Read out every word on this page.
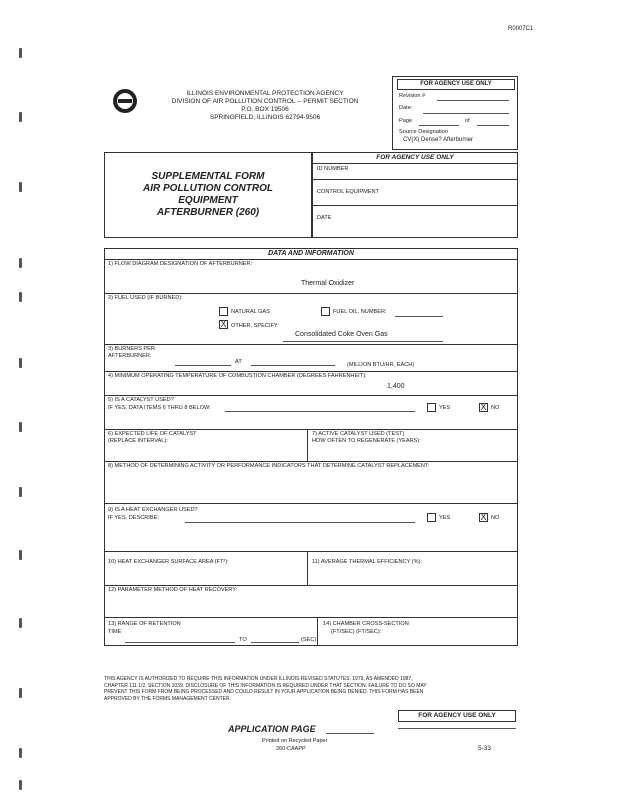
R0007C1
ILLINOIS ENVIRONMENTAL PROTECTION AGENCY
DIVISION OF AIR POLLUTION CONTROL -- PERMIT SECTION
P.O. BOX 19506
SPRINGFIELD, ILLINOIS 62794-9506
FOR AGENCY USE ONLY
Revision #
Date:
Page	of
Source Designation
CV(X) Dense? Afterburner
SUPPLEMENTAL FORM
AIR POLLUTION CONTROL
EQUIPMENT
AFTERBURNER (260)
FOR AGENCY USE ONLY
ID NUMBER
CONTROL EQUIPMENT
DATE
DATA AND INFORMATION
1) FLOW DIAGRAM DESIGNATION OF AFTERBURNER:
Thermal Oxidizer
2) FUEL USED (IF BURNED):
NATURAL GAS	FUEL OIL, NUMBER:
X OTHER, SPECIFY:
Consolidated Coke Oven Gas
3) BURNERS PER
AFTERBURNER:
AT	(MILLION BTU/HR, EACH)
4) MINIMUM OPERATING TEMPERATURE OF COMBUSTION CHAMBER (DEGREES FAHRENHEIT):
1,400
5) IS A CATALYST USED?
IF YES, DATA ITEMS 6 THRU 8 BELOW:	YES	X NO
6) EXPECTED LIFE OF CATALYST
(REPLACE INTERVAL):
7) ACTIVE CATALYST USED (TEST)
HOW OFTEN TO REGENERATE (YEARS):
8) METHOD OF DETERMINING ACTIVITY OR PERFORMANCE INDICATORS THAT DETERMINE CATALYST REPLACEMENT:
9) IS A HEAT EXCHANGER USED?
IF YES, DESCRIBE:	YES	X NO
10) HEAT EXCHANGER SURFACE AREA (FT²):	11) AVERAGE THERMAL EFFICIENCY (%):
12) PARAMETER METHOD OF HEAT RECOVERY:
13) RANGE OF RETENTION
TIME
TO	(SEC)
14) CHAMBER CROSS-SECTION
(FT/SEC) (FT/SEC):
THIS AGENCY IS AUTHORIZED TO REQUIRE THIS INFORMATION UNDER ILLINOIS REVISED STATUTES, 1979, AS AMENDED 1987,
CHAPTER 111 1/2, SECTION 1039. DISCLOSURE OF THIS INFORMATION IS REQUIRED UNDER THAT SECTION. FAILURE TO DO SO MAY
PREVENT THIS FORM FROM BEING PROCESSED AND COULD RESULT IN YOUR APPLICATION BEING DENIED. THIS FORM HAS BEEN
APPROVED BY THE FORMS MANAGEMENT CENTER.
FOR AGENCY USE ONLY
APPLICATION PAGE
Printed on Recycled Paper
260-CAAPP	5-33
